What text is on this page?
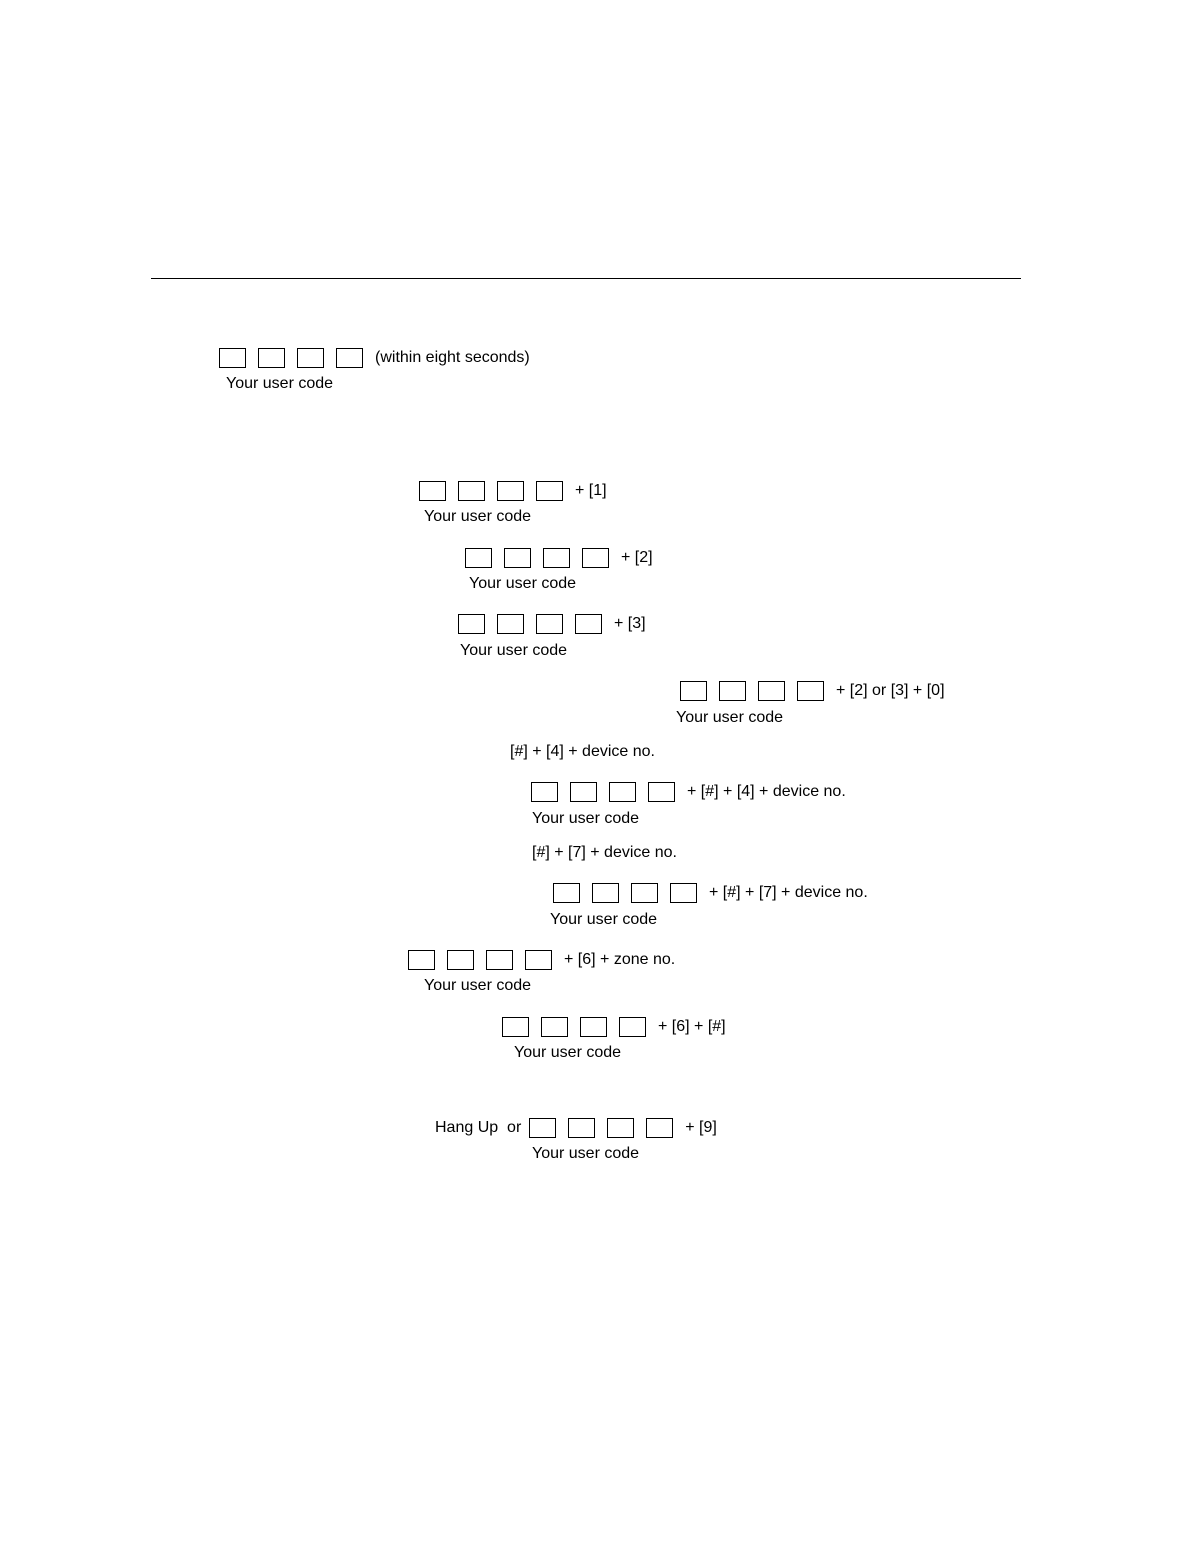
(within eight seconds)
Your user code
+ [1]
Your user code
+ [2]
Your user code
+ [3]
Your user code
+ [2] or [3] + [0]
Your user code
[#] + [4] + device no.
+ [#] + [4] + device no.
Your user code
[#] + [7] + device no.
+ [#] + [7] + device no.
Your user code
+ [6] + zone no.
Your user code
+ [6] + [#]
Your user code
Hang Up  or	+ [9]
Your user code
